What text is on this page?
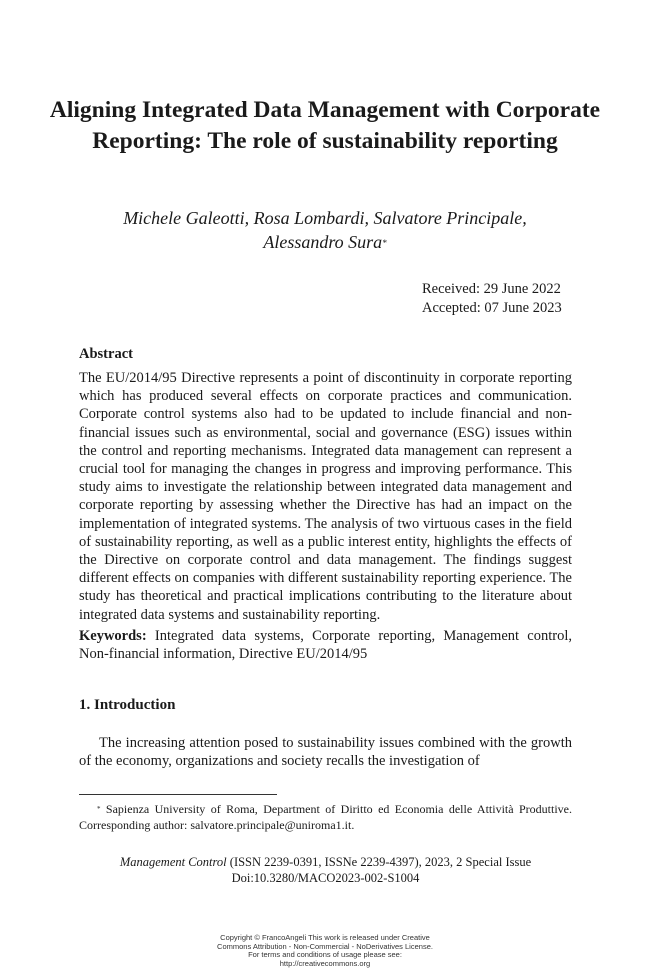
Aligning Integrated Data Management with Corporate Reporting: The role of sustainability reporting
Michele Galeotti, Rosa Lombardi, Salvatore Principale,
Alessandro Sura*
Received: 29 June 2022
Accepted: 07 June 2023
Abstract
The EU/2014/95 Directive represents a point of discontinuity in corporate reporting which has produced several effects on corporate practices and communication. Corporate control systems also had to be updated to include financial and non-financial issues such as environmental, social and governance (ESG) issues within the control and reporting mechanisms. Integrated data management can represent a crucial tool for managing the changes in progress and improving performance. This study aims to investigate the relationship between integrated data management and corporate reporting by assessing whether the Directive has had an impact on the implementation of integrated systems. The analysis of two virtuous cases in the field of sustainability reporting, as well as a public interest entity, highlights the effects of the Directive on corporate control and data management. The findings suggest different effects on companies with different sustainability reporting experience. The study has theoretical and practical implications contributing to the literature about integrated data systems and sustainability reporting.
Keywords: Integrated data systems, Corporate reporting, Management control, Non-financial information, Directive EU/2014/95
1. Introduction
The increasing attention posed to sustainability issues combined with the growth of the economy, organizations and society recalls the investigation of
* Sapienza University of Roma, Department of Diritto ed Economia delle Attività Produttive. Corresponding author: salvatore.principale@uniroma1.it.
Management Control (ISSN 2239-0391, ISSNe 2239-4397), 2023, 2 Special Issue
Doi:10.3280/MACO2023-002-S1004
Copyright © FrancoAngeli This work is released under Creative
Commons Attribution - Non-Commercial - NoDerivatives License.
For terms and conditions of usage please see:
http://creativecommons.org
